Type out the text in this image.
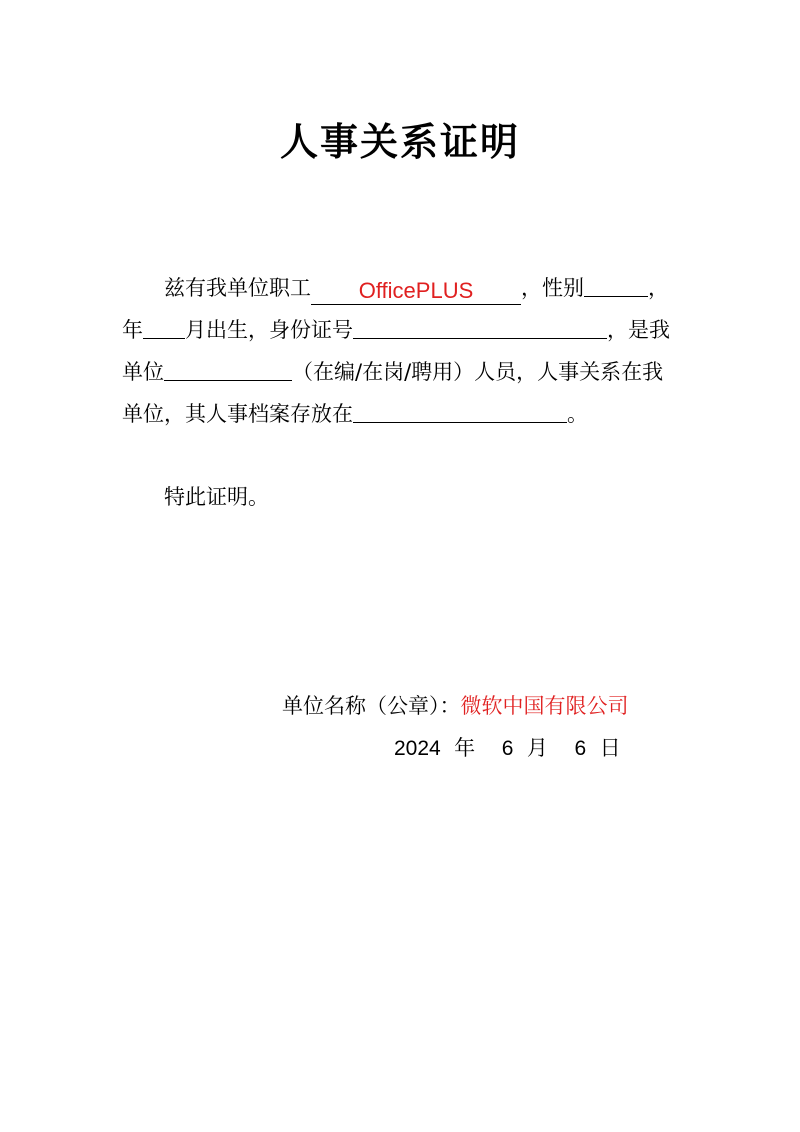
人事关系证明
兹有我单位职工 OfficePLUS ，性别	，
年 月出生，身份证号	，是我
单位	（在编/在岗/聘用）人员，人事关系在我
单位，其人事档案存放在	。
特此证明。
单位名称（公章）：微软中国有限公司
2024 年 6 月 6 日
